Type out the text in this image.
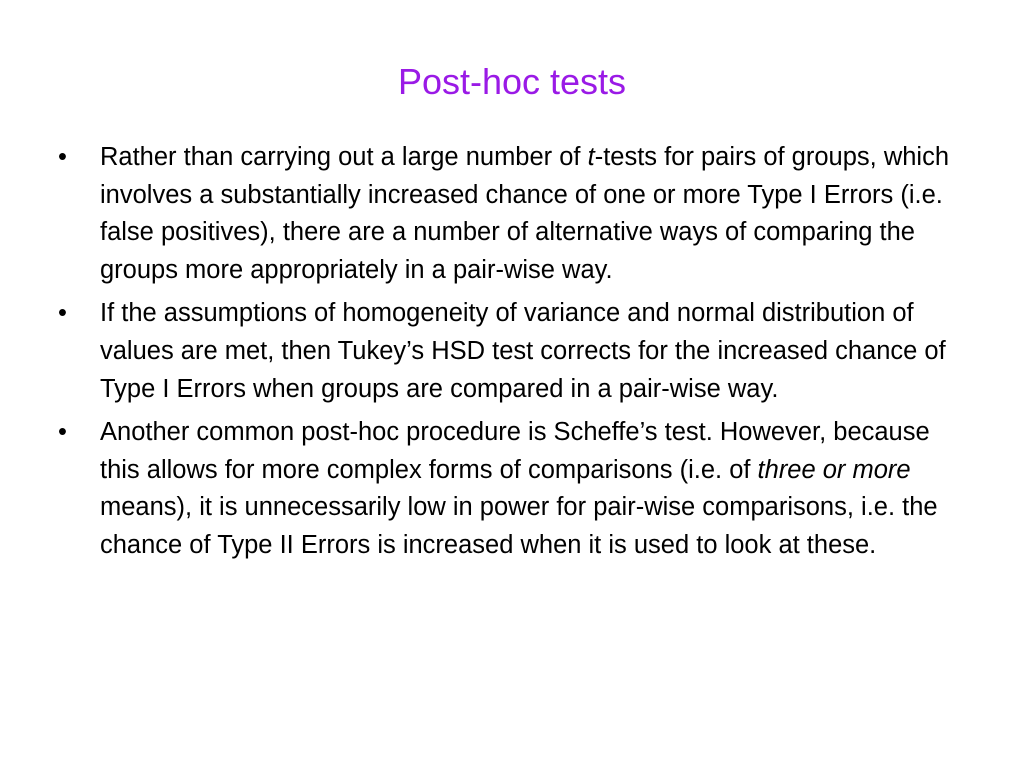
Post-hoc tests
•	Rather than carrying out a large number of t-tests for pairs of groups, which involves a substantially increased chance of one or more Type I Errors (i.e. false positives), there are a number of alternative ways of comparing the groups more appropriately in a pair-wise way.
•	If the assumptions of homogeneity of variance and normal distribution of values are met, then Tukey’s HSD test corrects for the increased chance of Type I Errors when groups are compared in a pair-wise way.
•	Another common post-hoc procedure is Scheffe’s test. However, because this allows for more complex forms of comparisons (i.e. of three or more means), it is unnecessarily low in power for pair-wise comparisons, i.e. the chance of Type II Errors is increased when it is used to look at these.
